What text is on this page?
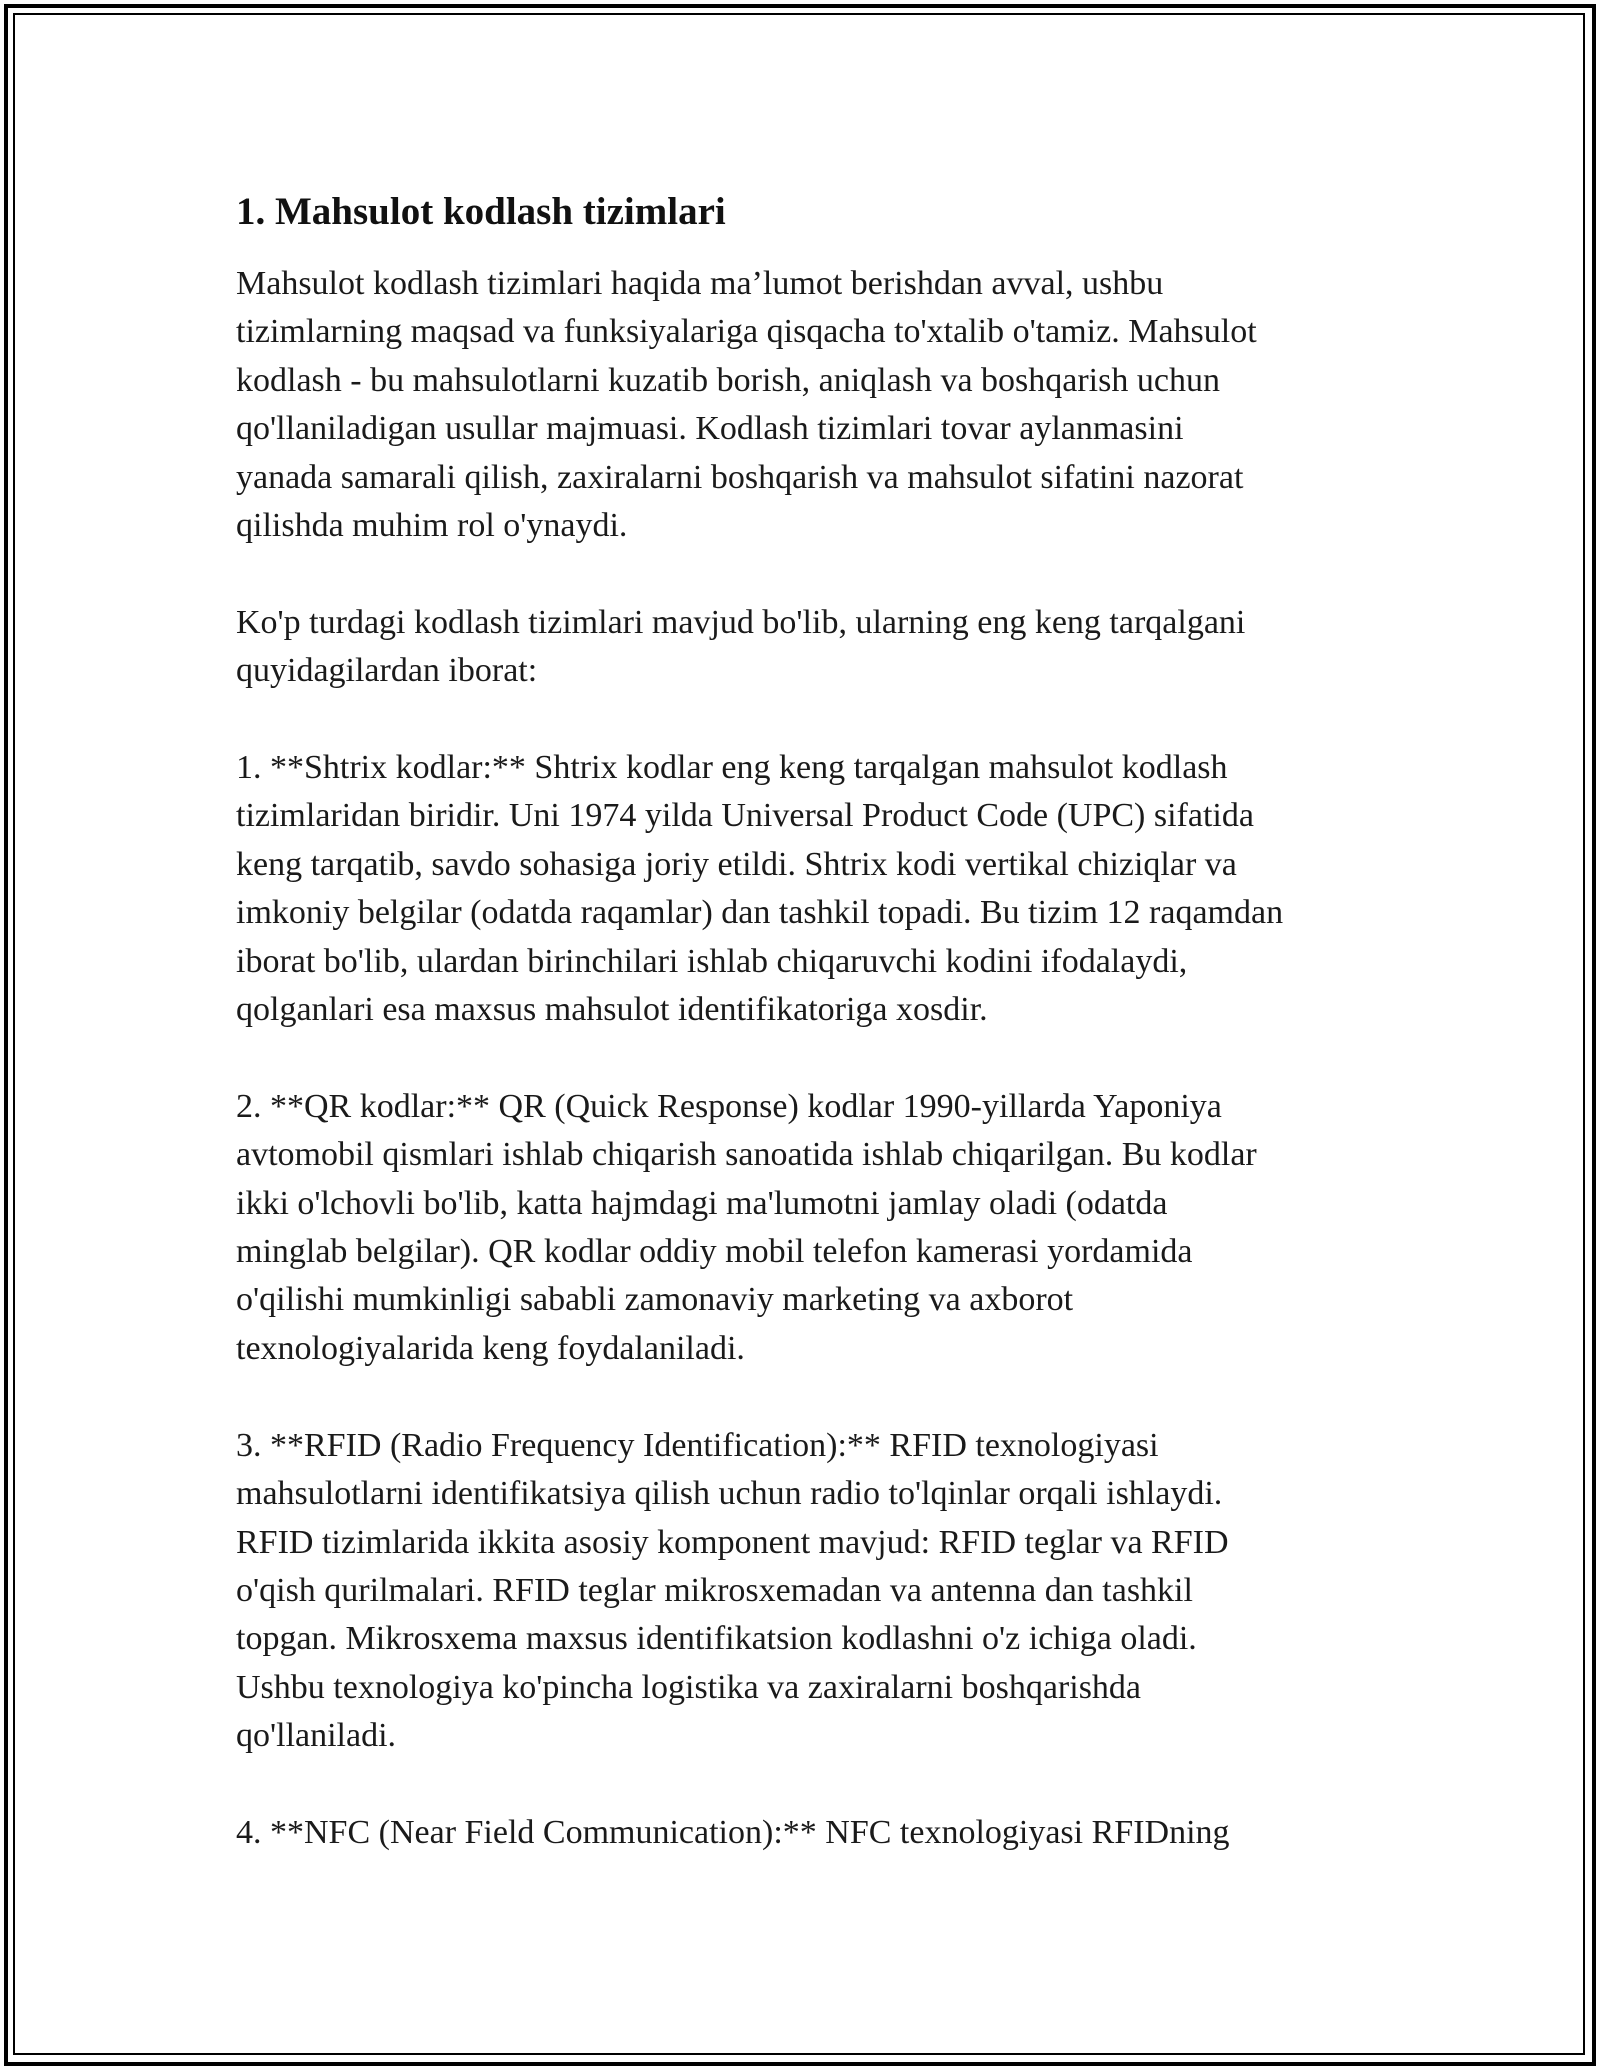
1. Mahsulot kodlash tizimlari

Mahsulot kodlash tizimlari haqida ma’lumot berishdan avval, ushbu
tizimlarning maqsad va funksiyalariga qisqacha to'xtalib o'tamiz. Mahsulot
kodlash - bu mahsulotlarni kuzatib borish, aniqlash va boshqarish uchun
qo'llaniladigan usullar majmuasi. Kodlash tizimlari tovar aylanmasini
yanada samarali qilish, zaxiralarni boshqarish va mahsulot sifatini nazorat
qilishda muhim rol o'ynaydi.

Ko'p turdagi kodlash tizimlari mavjud bo'lib, ularning eng keng tarqalgani
quyidagilardan iborat:

1. **Shtrix kodlar:** Shtrix kodlar eng keng tarqalgan mahsulot kodlash
tizimlaridan biridir. Uni 1974 yilda Universal Product Code (UPC) sifatida
keng tarqatib, savdo sohasiga joriy etildi. Shtrix kodi vertikal chiziqlar va
imkoniy belgilar (odatda raqamlar) dan tashkil topadi. Bu tizim 12 raqamdan
iborat bo'lib, ulardan birinchilari ishlab chiqaruvchi kodini ifodalaydi,
qolganlari esa maxsus mahsulot identifikatoriga xosdir.

2. **QR kodlar:** QR (Quick Response) kodlar 1990-yillarda Yaponiya
avtomobil qismlari ishlab chiqarish sanoatida ishlab chiqarilgan. Bu kodlar
ikki o'lchovli bo'lib, katta hajmdagi ma'lumotni jamlay oladi (odatda
minglab belgilar). QR kodlar oddiy mobil telefon kamerasi yordamida
o'qilishi mumkinligi sababli zamonaviy marketing va axborot
texnologiyalarida keng foydalaniladi.

3. **RFID (Radio Frequency Identification):** RFID texnologiyasi
mahsulotlarni identifikatsiya qilish uchun radio to'lqinlar orqali ishlaydi.
RFID tizimlarida ikkita asosiy komponent mavjud: RFID teglar va RFID
o'qish qurilmalari. RFID teglar mikrosxemadan va antenna dan tashkil
topgan. Mikrosxema maxsus identifikatsion kodlashni o'z ichiga oladi.
Ushbu texnologiya ko'pincha logistika va zaxiralarni boshqarishda
qo'llaniladi.

4. **NFC (Near Field Communication):** NFC texnologiyasi RFIDning
